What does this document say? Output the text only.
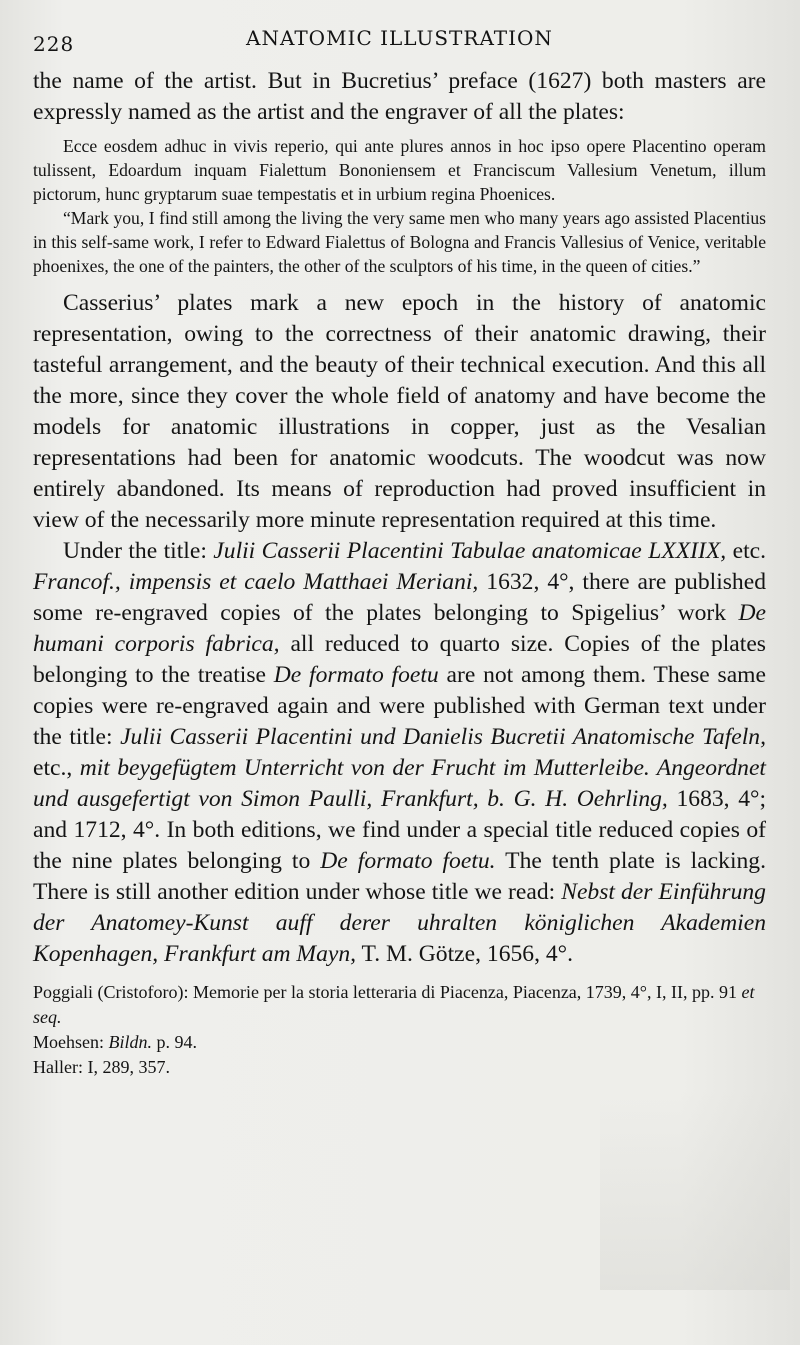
228	ANATOMIC ILLUSTRATION

the name of the artist. But in Bucretius’ preface (1627) both masters are expressly named as the artist and the engraver of all the plates:

Ecce eosdem adhuc in vivis reperio, qui ante plures annos in hoc ipso opere Placentino operam tulissent, Edoardum inquam Fialettum Bononiensem et Franciscum Vallesium Venetum, illum pictorum, hunc gryptarum suae tempestatis et in urbium regina Phoenices.

“Mark you, I find still among the living the very same men who many years ago assisted Placentius in this self-same work, I refer to Edward Fialettus of Bologna and Francis Vallesius of Venice, veritable phoenixes, the one of the painters, the other of the sculptors of his time, in the queen of cities.”

Casserius’ plates mark a new epoch in the history of anatomic representation, owing to the correctness of their anatomic drawing, their tasteful arrangement, and the beauty of their technical execution. And this all the more, since they cover the whole field of anatomy and have become the models for anatomic illustrations in copper, just as the Vesalian representations had been for anatomic woodcuts. The woodcut was now entirely abandoned. Its means of reproduction had proved insufficient in view of the necessarily more minute representation required at this time.

Under the title: Julii Casserii Placentini Tabulae anatomicae LXXIIX, etc. Francof., impensis et caelo Matthaei Meriani, 1632, 4°, there are published some re-engraved copies of the plates belonging to Spigelius’ work De humani corporis fabrica, all reduced to quarto size. Copies of the plates belonging to the treatise De formato foetu are not among them. These same copies were re-engraved again and were published with German text under the title: Julii Casserii Placentini und Danielis Bucretii Anatomische Tafeln, etc., mit beygefügtem Unterricht von der Frucht im Mutterleibe. Angeordnet und ausgefertigt von Simon Paulli, Frankfurt, b. G. H. Oehrling, 1683, 4°; and 1712, 4°. In both editions, we find under a special title reduced copies of the nine plates belonging to De formato foetu. The tenth plate is lacking. There is still another edition under whose title we read: Nebst der Einführung der Anatomey-Kunst auff derer uhralten königlichen Akademien Kopenhagen, Frankfurt am Mayn, T. M. Götze, 1656, 4°.

Poggiali (Cristoforo): Memorie per la storia letteraria di Piacenza, Piacenza, 1739, 4°, I, II, pp. 91 et seq.
Moehsen: Bildn. p. 94.
Haller: I, 289, 357.
